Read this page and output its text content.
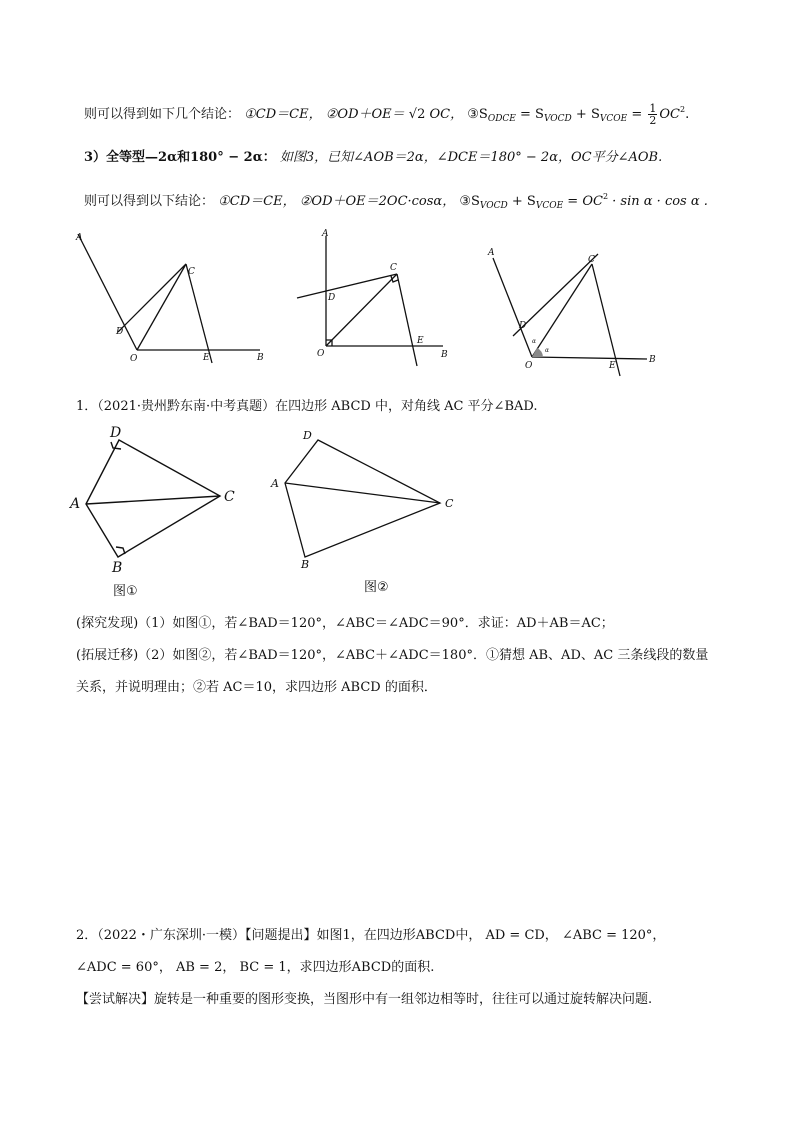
则可以得到如下几个结论： ①CD＝CE， ②OD＋OE＝ √2 OC， $③S_{ODCE} = S_{VOCD} + S_{VCOE} = \frac{1}{2} OC^2$.
3）全等型—2α和180° − 2α： 如图3，已知∠AOB＝2α，∠DCE＝180° − 2α，OC平分∠AOB.
则可以得到以下结论： ①CD＝CE， ②OD＋OE＝2OC·cosα， $③S_{VOCD} + S_{VCOE} = OC^2 \cdot \sin \alpha \cdot \cos \alpha$ .
A
C
D
O	E	B
A
C
D
O
E
B
A
C
D
O	E
B
α
α
1．（2021·贵州黔东南·中考真题）在四边形 ABCD 中，对角线 AC 平分∠BAD.
D
A	C
B
图①
D
A
C
B
图②
(探究发现)（1）如图①，若∠BAD＝120°，∠ABC＝∠ADC＝90°．求证：AD＋AB＝AC；
(拓展迁移)（2）如图②，若∠BAD＝120°，∠ABC＋∠ADC＝180°．①猜想 AB、AD、AC 三条线段的数量
关系，并说明理由；②若 AC＝10，求四边形 ABCD 的面积．
2．（2022・广东深圳·一模）【问题提出】如图1，在四边形ABCD中， AD = CD， ∠ABC = 120°，
∠ADC = 60°， AB = 2， BC = 1，求四边形ABCD的面积.
【尝试解决】旋转是一种重要的图形变换，当图形中有一组邻边相等时，往往可以通过旋转解决问题.
